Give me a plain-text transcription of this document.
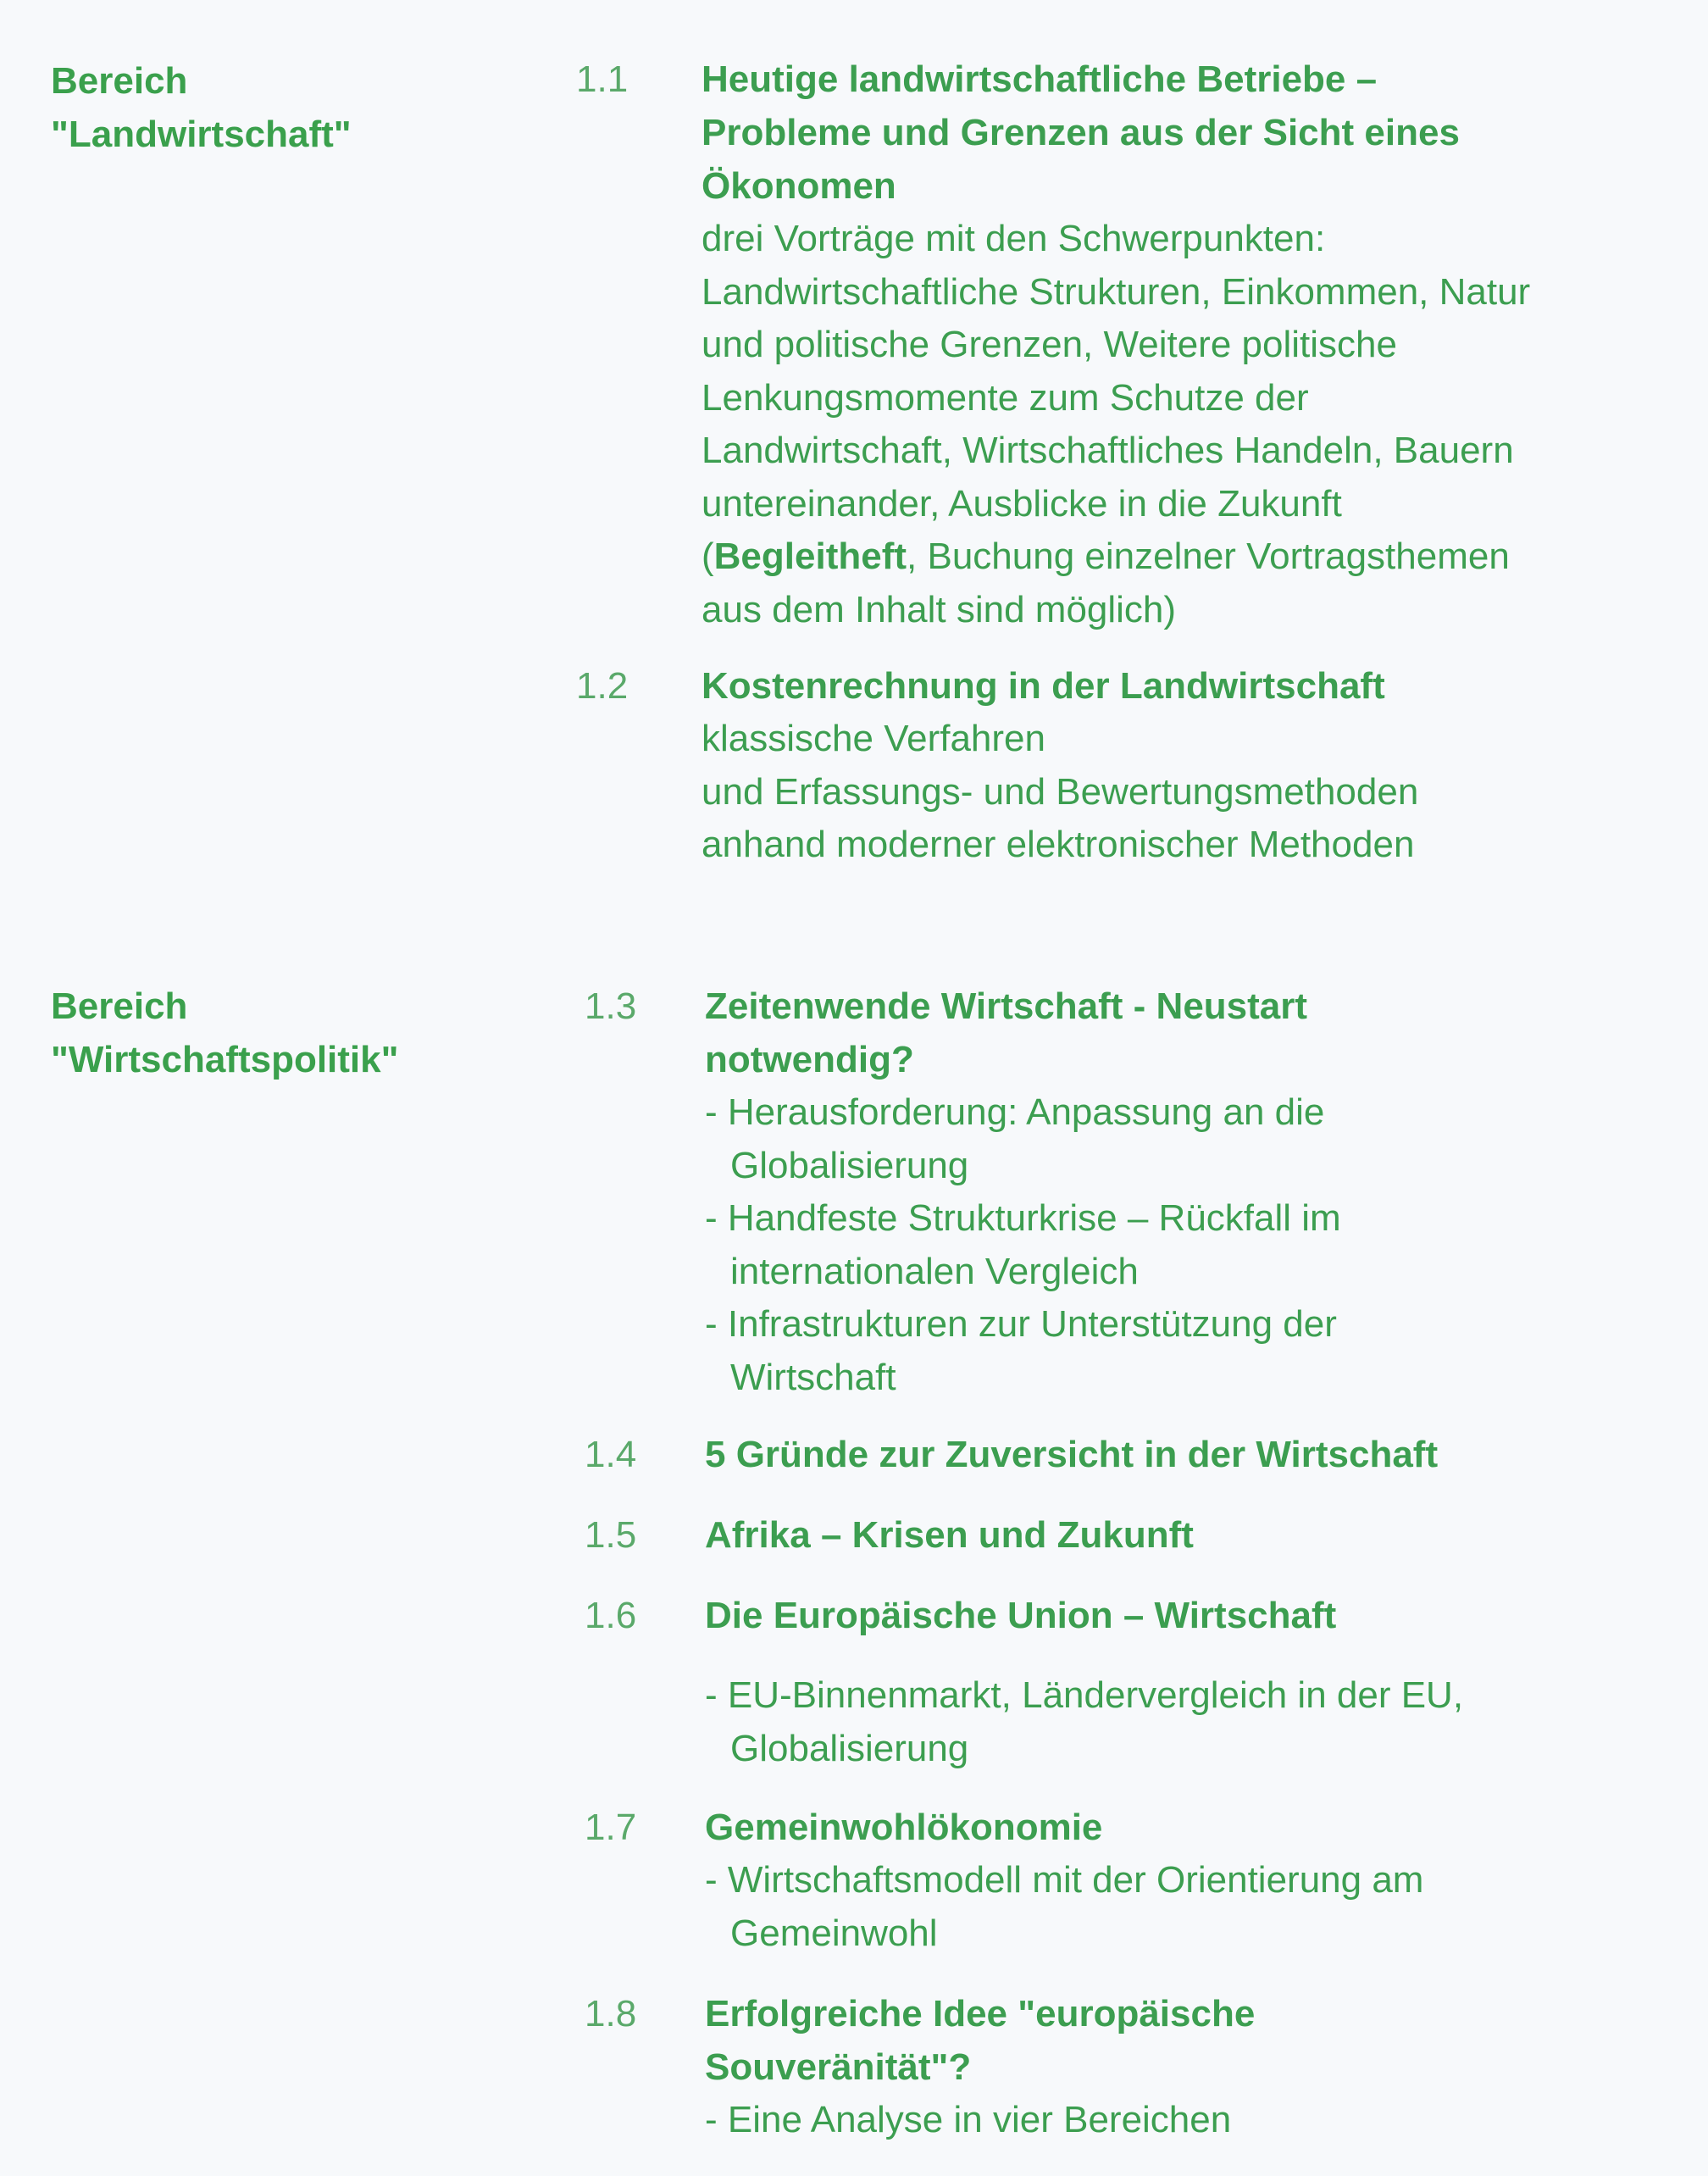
Bereich
"Landwirtschaft"
1.1 Heutige landwirtschaftliche Betriebe –
Probleme und Grenzen aus der Sicht eines
Ökonomen
drei Vorträge mit den Schwerpunkten:
Landwirtschaftliche Strukturen, Einkommen, Natur
und politische Grenzen, Weitere politische
Lenkungsmomente zum Schutze der
Landwirtschaft, Wirtschaftliches Handeln, Bauern
untereinander, Ausblicke in die Zukunft
(Begleitheft, Buchung einzelner Vortragsthemen
aus dem Inhalt sind möglich)
1.2 Kostenrechnung in der Landwirtschaft
klassische Verfahren
und Erfassungs- und Bewertungsmethoden
anhand moderner elektronischer Methoden
Bereich
"Wirtschaftspolitik"
1.3 Zeitenwende Wirtschaft - Neustart
notwendig?
- Herausforderung: Anpassung an die
Globalisierung
- Handfeste Strukturkrise – Rückfall im
internationalen Vergleich
- Infrastrukturen zur Unterstützung der
Wirtschaft
1.4 5 Gründe zur Zuversicht in der Wirtschaft
1.5 Afrika – Krisen und Zukunft
1.6 Die Europäische Union – Wirtschaft
- EU-Binnenmarkt, Ländervergleich in der EU,
Globalisierung
1.7 Gemeinwohlökonomie
- Wirtschaftsmodell mit der Orientierung am
Gemeinwohl
1.8 Erfolgreiche Idee "europäische
Souveränität"?
- Eine Analyse in vier Bereichen
